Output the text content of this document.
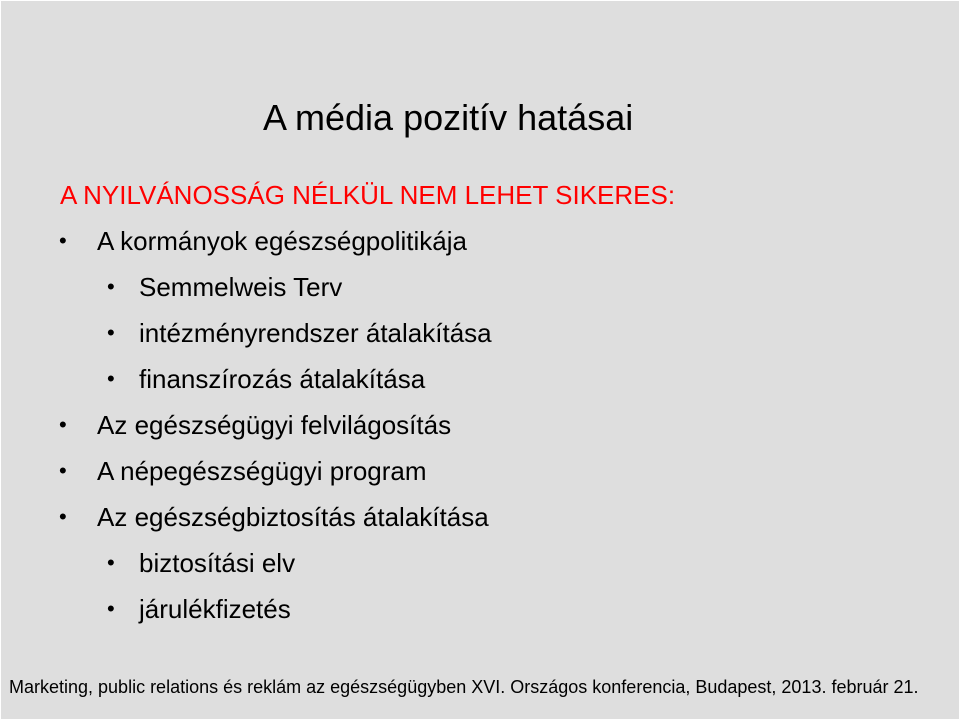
A média pozitív hatásai
A NYILVÁNOSSÁG NÉLKÜL NEM LEHET SIKERES:
• A kormányok egészségpolitikája
• Semmelweis Terv
• intézményrendszer átalakítása
• finanszírozás átalakítása
• Az egészségügyi felvilágosítás
• A népegészségügyi program
• Az egészségbiztosítás átalakítása
• biztosítási elv
• járulékfizetés
Marketing, public relations és reklám az egészségügyben XVI. Országos konferencia, Budapest, 2013. február 21.
